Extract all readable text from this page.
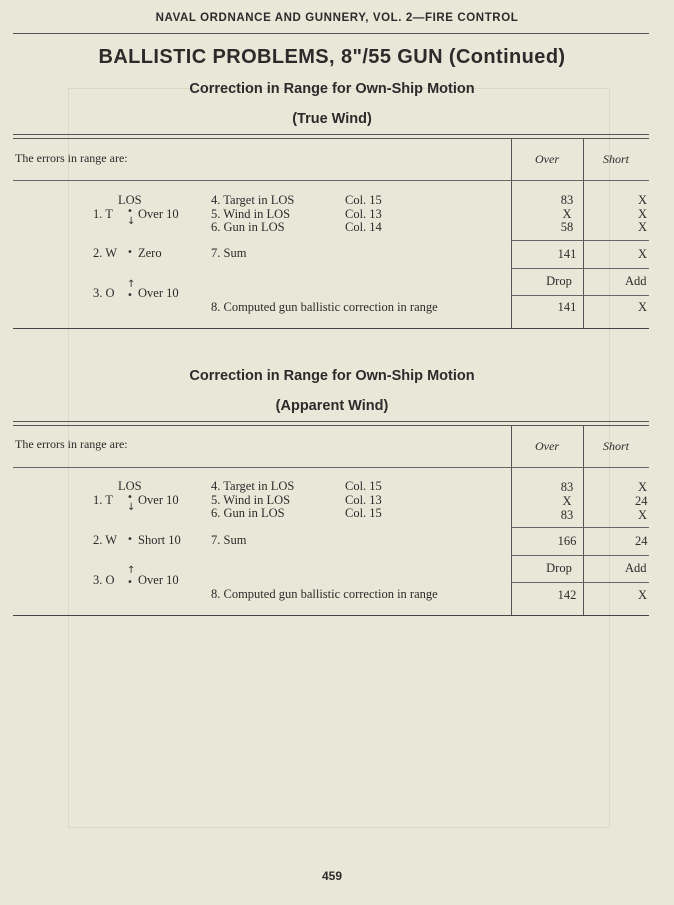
NAVAL ORDNANCE AND GUNNERY, VOL. 2—FIRE CONTROL
BALLISTIC PROBLEMS, 8"/55 GUN (Continued)
Correction in Range for Own-Ship Motion
(True Wind)
The errors in range are:	Over	Short
LOS
1. T Over 10
•
↓
2. W • Zero
↑
3. O • Over 10
4. Target in LOS	Col. 15	83	X
5. Wind in LOS	Col. 13	X	X
6. Gun in LOS	Col. 14	58	X
7. Sum	141	X
Drop	Add
8. Computed gun ballistic correction in range	141	X
Correction in Range for Own-Ship Motion
(Apparent Wind)
The errors in range are:	Over	Short
LOS
1. T •
↓
Over 10
2. W • Short 10
↑
3. O • Over 10
4. Target in LOS	Col. 15	83	X
5. Wind in LOS	Col. 13	X	24
6. Gun in LOS	Col. 15	83	X
7. Sum	166	24
Drop	Add
8. Computed gun ballistic correction in range	142	X
459
